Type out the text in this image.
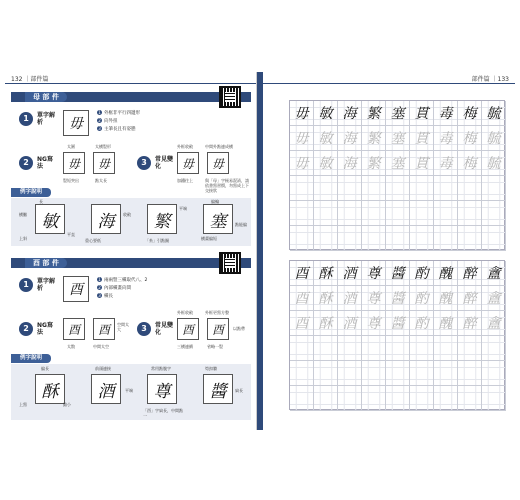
132 ｜部件篇
母 部 件
1	單字解析	毋
1 外框非平行四邊形
2 向外扭
3 主筆長且有姿態
2	NG寫法
太圓	太橫豎形
毋	毋
豎短突出	點太長
3	常見變化
外框收斂	中間外點連成橫
毋	毋
加鐵往上	與「母」字極易混淆，請依書寫習慣，勿寫成上下交接狀
例字說明
敏	海	繁	塞
長
橫撇
上斜
平直
收斂
重心要低
平端
偏編
「糸」引點圈	橫畫偏短
點能偏
酉 部 件
1	單字解析	酉
1 兩兩豎三橫取代八、2
2 內部橫畫向間
3 橫長
2	NG寫法	酉	酉	空間太大
太散	中間太空
3	常見變化
外框收斂	外框更寫方整
酉	酉	以點帶
三橫連續	省略一豎
例字說明
酥	酒	尊	醬
偏長
上寫	縮小
前頭連接
平端
常用點腹字
「酉」字扁長，中間點一
扁長
筍扣牆
部件篇 ｜133
毋 敏 海 繁 塞 貫 毒 梅 毓
毋 敏 海 繁 塞 貫 毒 梅 毓
毋 敏 海 繁 塞 貫 毒 梅 毓
酉 酥 酒 尊 醬 酌 醜 醉 盦
酉 酥 酒 尊 醬 酌 醜 醉 盦
酉 酥 酒 尊 醬 酌 醜 醉 盦
